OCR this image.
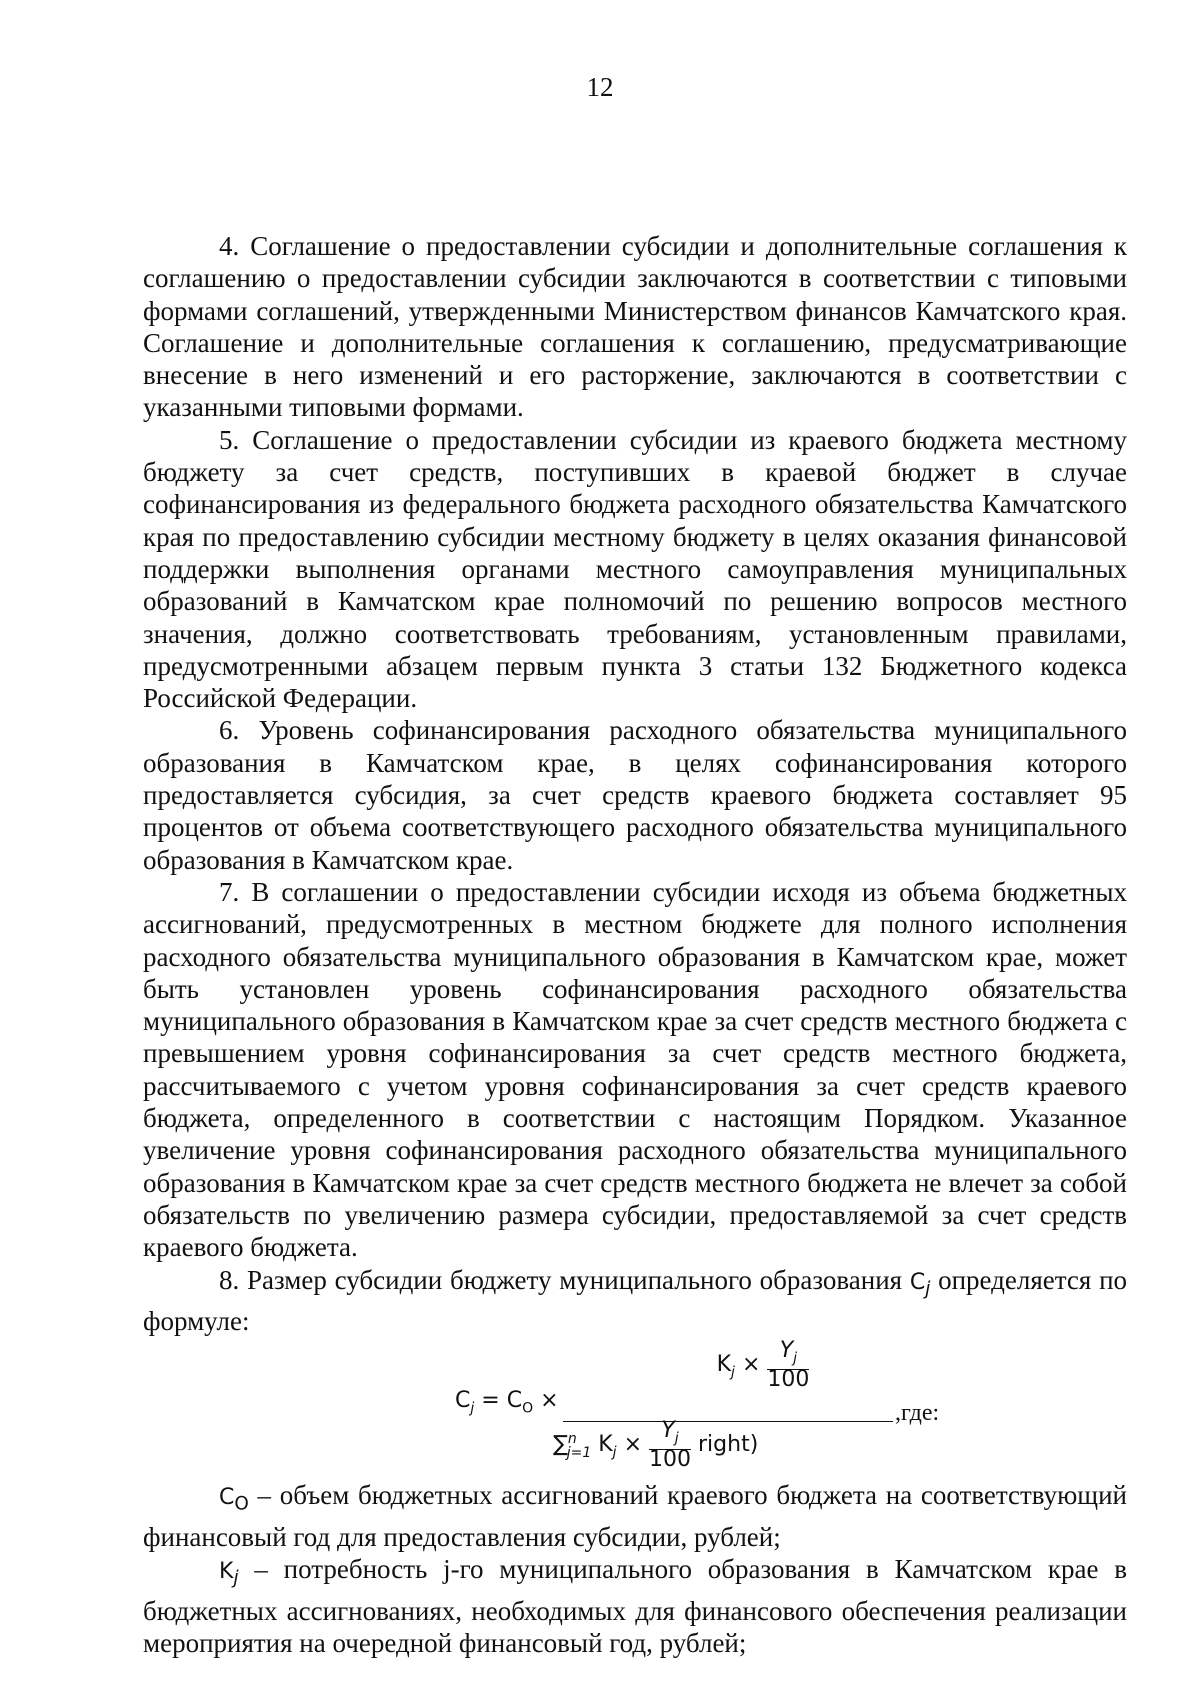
12

4. Соглашение о предоставлении субсидии и дополнительные соглашения к соглашению о предоставлении субсидии заключаются в соответствии с типовыми формами соглашений, утвержденными Министерством финансов Камчатского края. Соглашение и дополнительные соглашения к соглашению, предусматривающие внесение в него изменений и его расторжение, заключаются в соответствии с указанными типовыми формами.

5. Соглашение о предоставлении субсидии из краевого бюджета местному бюджету за счет средств, поступивших в краевой бюджет в случае софинансирования из федерального бюджета расходного обязательства Камчатского края по предоставлению субсидии местному бюджету в целях оказания финансовой поддержки выполнения органами местного самоуправления муниципальных образований в Камчатском крае полномочий по решению вопросов местного значения, должно соответствовать требованиям, установленным правилами, предусмотренными абзацем первым пункта 3 статьи 132 Бюджетного кодекса Российской Федерации.

6. Уровень софинансирования расходного обязательства муниципального образования в Камчатском крае, в целях софинансирования которого предоставляется субсидия, за счет средств краевого бюджета составляет 95 процентов от объема соответствующего расходного обязательства муниципального образования в Камчатском крае.

7. В соглашении о предоставлении субсидии исходя из объема бюджетных ассигнований, предусмотренных в местном бюджете для полного исполнения расходного обязательства муниципального образования в Камчатском крае, может быть установлен уровень софинансирования расходного обязательства муниципального образования в Камчатском крае за счет средств местного бюджета с превышением уровня софинансирования за счет средств местного бюджета, рассчитываемого с учетом уровня софинансирования за счет средств краевого бюджета, определенного в соответствии с настоящим Порядком. Указанное увеличение уровня софинансирования расходного обязательства муниципального образования в Камчатском крае за счет средств местного бюджета не влечет за собой обязательств по увеличению размера субсидии, предоставляемой за счет средств краевого бюджета.

8. Размер субсидии бюджету муниципального образования $C_j$ определяется по формуле:

$C_j = C_O$ ×
$K_j \times \frac{Y_j}{100}$
∑$^n_{j=1}$ $K_j \times \frac{Y_j}{100}$ right)
,где:

$C_O$ – объем бюджетных ассигнований краевого бюджета на соответствующий финансовый год для предоставления субсидии, рублей;

$K_j$ – потребность j-го муниципального образования в Камчатском крае в бюджетных ассигнованиях, необходимых для финансового обеспечения реализации мероприятия на очередной финансовый год, рублей;
